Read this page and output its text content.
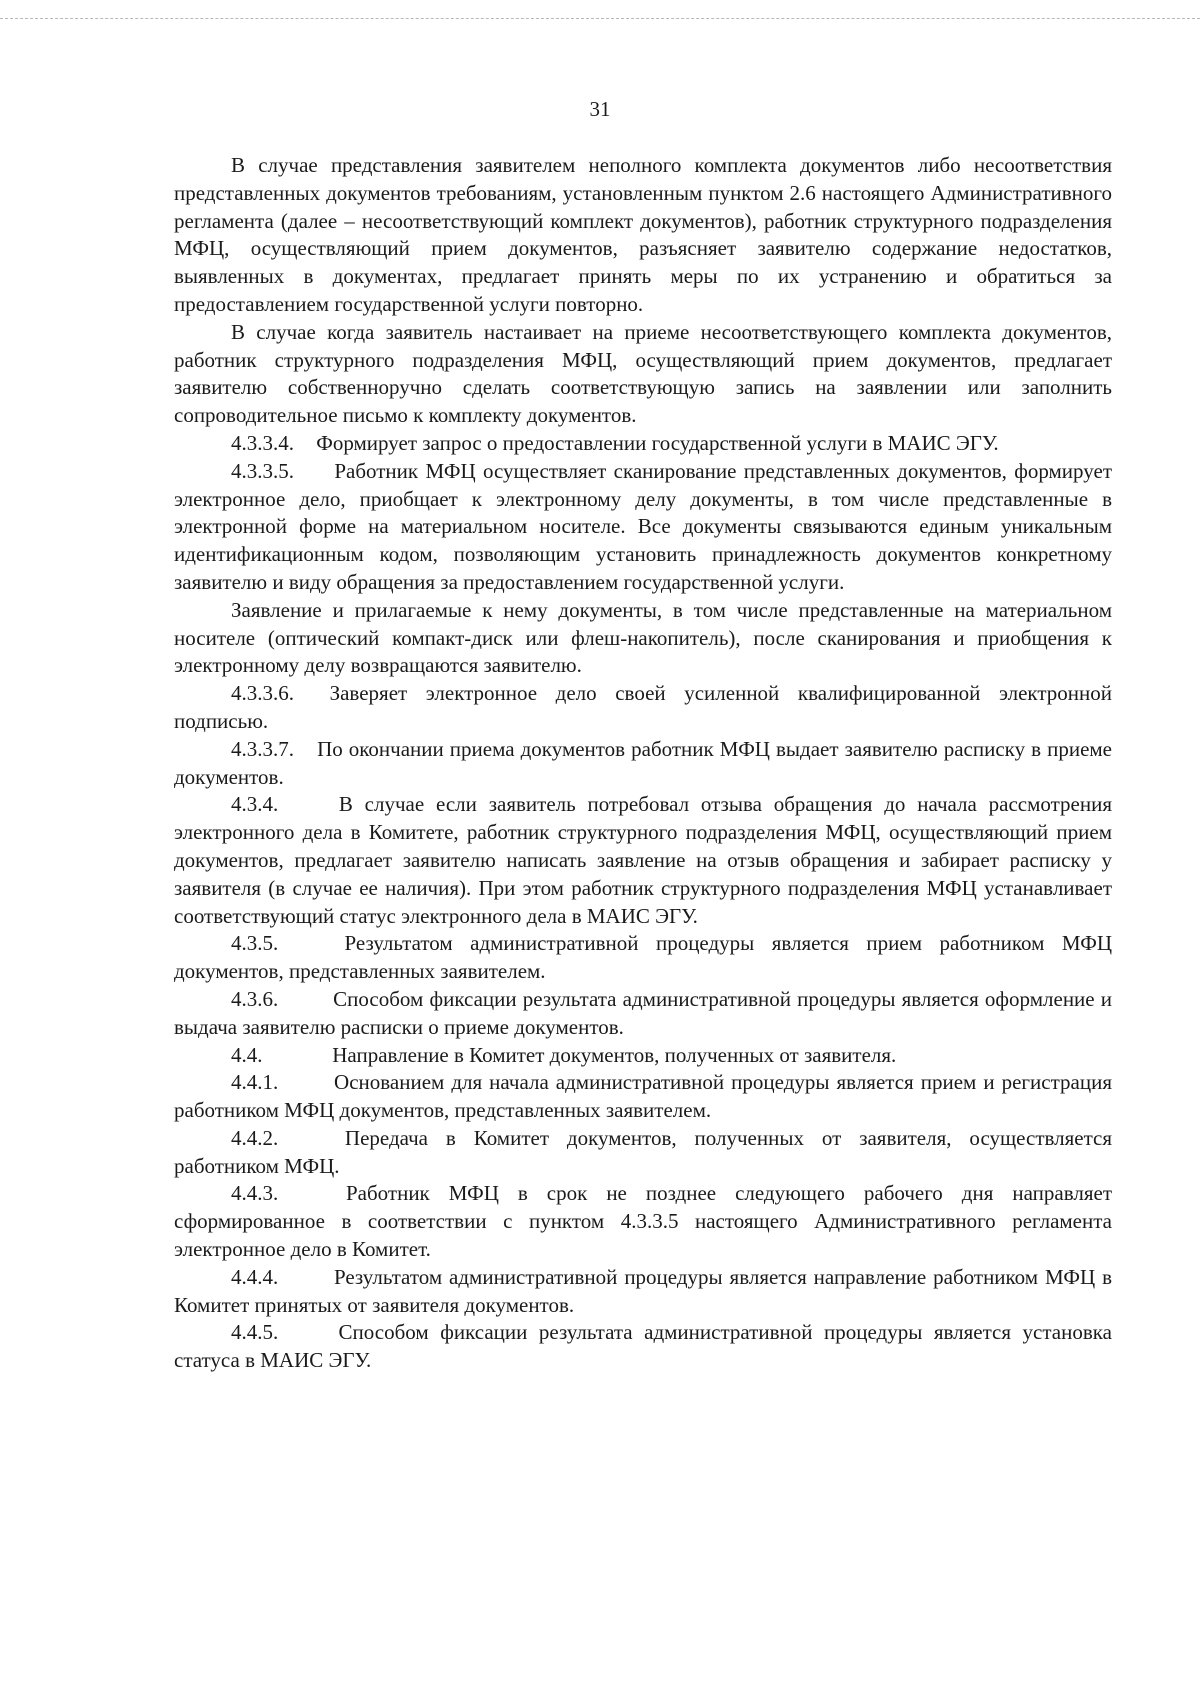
31

В случае представления заявителем неполного комплекта документов либо несоответствия представленных документов требованиям, установленным пунктом 2.6 настоящего Административного регламента (далее – несоответствующий комплект документов), работник структурного подразделения МФЦ, осуществляющий прием документов, разъясняет заявителю содержание недостатков, выявленных в документах, предлагает принять меры по их устранению и обратиться за предоставлением государственной услуги повторно.

В случае когда заявитель настаивает на приеме несоответствующего комплекта документов, работник структурного подразделения МФЦ, осуществляющий прием документов, предлагает заявителю собственноручно сделать соответствующую запись на заявлении или заполнить сопроводительное письмо к комплекту документов.

4.3.3.4. Формирует запрос о предоставлении государственной услуги в МАИС ЭГУ.

4.3.3.5. Работник МФЦ осуществляет сканирование представленных документов, формирует электронное дело, приобщает к электронному делу документы, в том числе представленные в электронной форме на материальном носителе. Все документы связываются единым уникальным идентификационным кодом, позволяющим установить принадлежность документов конкретному заявителю и виду обращения за предоставлением государственной услуги.

Заявление и прилагаемые к нему документы, в том числе представленные на материальном носителе (оптический компакт-диск или флеш-накопитель), после сканирования и приобщения к электронному делу возвращаются заявителю.

4.3.3.6. Заверяет электронное дело своей усиленной квалифицированной электронной подписью.

4.3.3.7. По окончании приема документов работник МФЦ выдает заявителю расписку в приеме документов.

4.3.4.	В случае если заявитель потребовал отзыва обращения до начала рассмотрения электронного дела в Комитете, работник структурного подразделения МФЦ, осуществляющий прием документов, предлагает заявителю написать заявление на отзыв обращения и забирает расписку у заявителя (в случае ее наличия). При этом работник структурного подразделения МФЦ устанавливает соответствующий статус электронного дела в МАИС ЭГУ.

4.3.5.	Результатом административной процедуры является прием работником МФЦ документов, представленных заявителем.

4.3.6.	Способом фиксации результата административной процедуры является оформление и выдача заявителю расписки о приеме документов.

4.4.	Направление в Комитет документов, полученных от заявителя.

4.4.1.	Основанием для начала административной процедуры является прием и регистрация работником МФЦ документов, представленных заявителем.

4.4.2.	Передача в Комитет документов, полученных от заявителя, осуществляется работником МФЦ.

4.4.3.	Работник МФЦ в срок не позднее следующего рабочего дня направляет сформированное в соответствии с пунктом 4.3.3.5 настоящего Административного регламента электронное дело в Комитет.

4.4.4.	Результатом административной процедуры является направление работником МФЦ в Комитет принятых от заявителя документов.

4.4.5.	Способом фиксации результата административной процедуры является установка статуса в МАИС ЭГУ.
